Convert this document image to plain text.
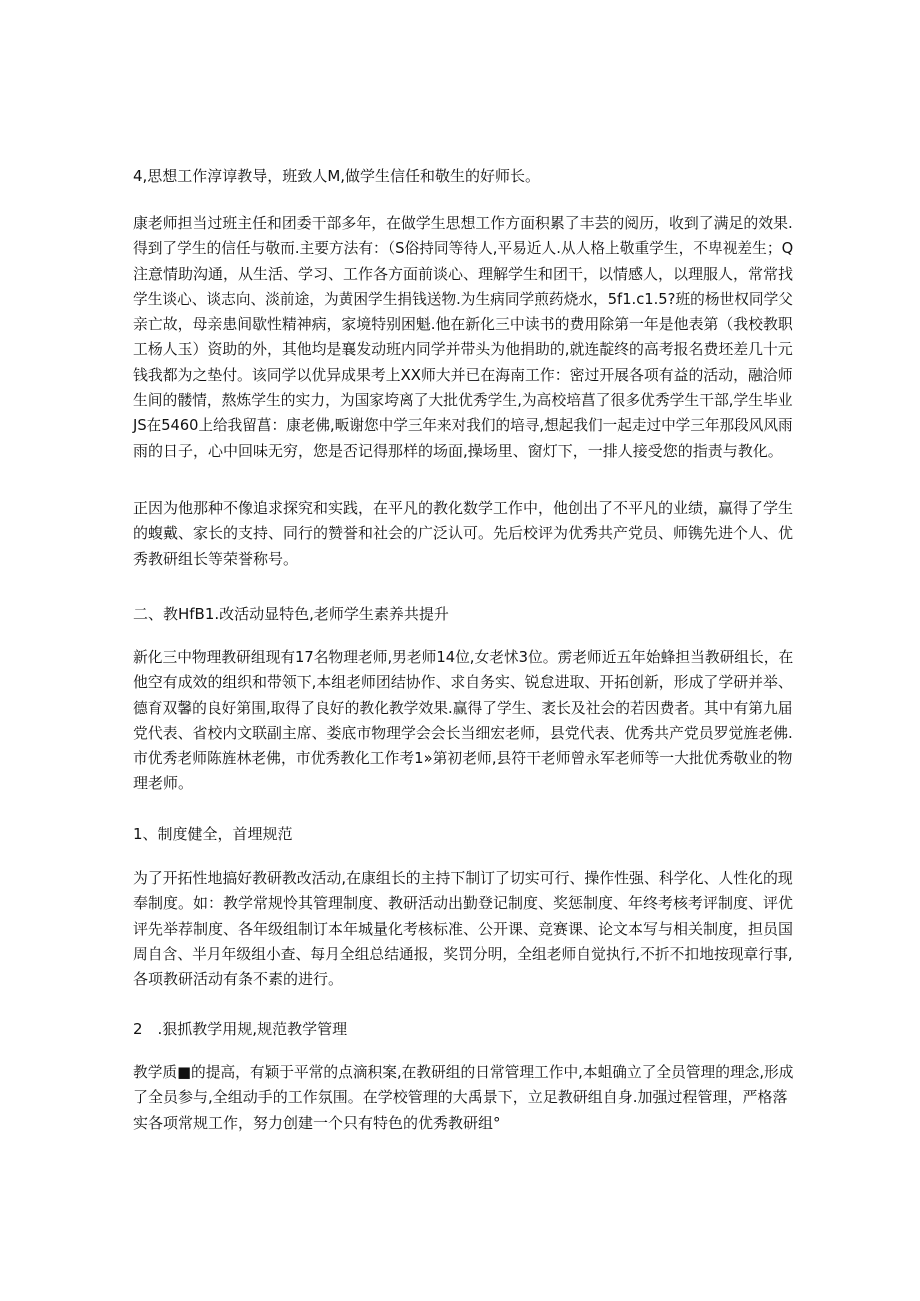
4,思想工作淳谆教导，班致人M,做学生信任和敬生的好师长。

康老师担当过班主任和团委干部多年，在做学生思想工作方面积累了丰芸的阅历，收到了满足的效果.
得到了学生的信任与敬而.主要方法有：（S俗持同等待人,平易近人.从人格上敬重学生，不卑视差生；Q
注意情助沟通，从生活、学习、工作各方面前谈心、理解学生和团干，以情感人，以理服人，常常找
学生谈心、谈志向、淡前途，为黄困学生捐钱送物.为生病同学煎药烧水，5f1.c1.5?班的杨世权同学父
亲亡故，母亲患间歇性精神病，家境特别困魁.他在新化三中读书的费用除第一年是他表第（我校教职
工杨人玉）资助的外，其他均是襄发动班内同学并带头为他捐助的,就连靛终的高考报名费坯差几十元
钱我都为之垫付。该同学以优异成果考上XX师大并已在海南工作：密过开展各项有益的活动，融洽师
生间的髅情，熬炼学生的实力，为国家垮离了大批优秀学生,为高校培菖了很多优秀学生干部,学生毕业
JS在5460上给我留菖：康老佛,畈谢您中学三年来对我们的培寻,想起我们一起走过中学三年那段风风雨
雨的日子，心中回味无穷，您是否记得那样的场面,操场里、窗灯下，一排人接受您的指责与教化。

正因为他那种不像追求探究和实践，在平凡的教化数学工作中，他创出了不平凡的业绩，赢得了学生
的蝮戴、家长的支持、同行的赞誉和社会的广泛认可。先后校评为优秀共产党员、师镌先进个人、优
秀教研组长等荣誉称号。

二、教HfB1.改活动显特色,老师学生素养共提升

新化三中物理教研组现有17名物理老师,男老师14位,女老怵3位。雳老师近五年始蜂担当教研组长，在
他空有成效的组织和带领下,本组老师团结协作、求自务实、锐怠进取、开拓创新，形成了学研并举、
德育双馨的良好第围,取得了良好的教化教学效果.赢得了学生、袤长及社会的若因费者。其中有第九届
党代表、省校内文联副主席、娄底市物理学会会长当细宏老师，县党代表、优秀共产党员罗觉旌老佛.
市优秀老师陈旌林老佛，市优秀教化工作考1»第初老师,县符干老师曾永军老师等一大批优秀敬业的物
理老师。

1、制度健全，首埋规范

为了开拓性地搞好教研教改活动,在康组长的主持下制订了切实可行、操作性强、科学化、人性化的现
奉制度。如：教学常规怜其管理制度、教研活动出勤登记制度、奖惩制度、年终考核考评制度、评优
评先举荐制度、各年级组制订本年城量化考核标准、公开课、竞赛课、论文本写与相关制度，担员国
周自含、半月年级组小查、每月全组总结通报，奖罚分明，全组老师自觉执行,不折不扣地按现章行事,
各项教研活动有条不素的进行。

2　.狠抓教学用规,规范教学管理

教学质■的提高，有颖于平常的点滴积案,在教研组的日常管理工作中,本蛆确立了全员管理的理念,形成
了全员参与,全组动手的工作氛围。在学校管理的大禹景下，立足教研组自身.加强过程管理，严格落
实各项常规工作，努力创建一个只有特色的优秀教研组°
